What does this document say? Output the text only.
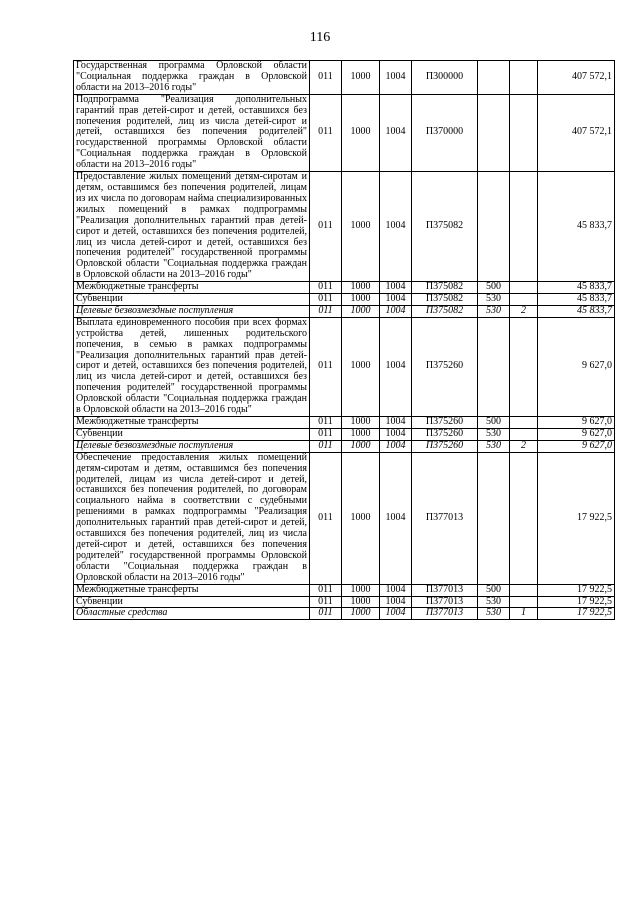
116
Государственная программа Орловской области "Социальная поддержка граждан в Орловской области на 2013–2016 годы"	011	1000	1004	П300000			407 572,1
Подпрограмма "Реализация дополнительных гарантий прав детей-сирот и детей, оставшихся без попечения родителей, лиц из числа детей-сирот и детей, оставшихся без попечения родителей" государственной программы Орловской области "Социальная поддержка граждан в Орловской области на 2013–2016 годы"	011	1000	1004	П370000			407 572,1
Предоставление жилых помещений детям-сиротам и детям, оставшимся без попечения родителей, лицам из их числа по договорам найма специализированных жилых помещений в рамках подпрограммы "Реализация дополнительных гарантий прав детей-сирот и детей, оставшихся без попечения родителей, лиц из числа детей-сирот и детей, оставшихся без попечения родителей" государственной программы Орловской области "Социальная поддержка граждан в Орловской области на 2013–2016 годы"	011	1000	1004	П375082			45 833,7
Межбюджетные трансферты	011	1000	1004	П375082	500		45 833,7
Субвенции	011	1000	1004	П375082	530		45 833,7
Целевые безвозмездные поступления	011	1000	1004	П375082	530	2	45 833,7
Выплата единовременного пособия при всех формах устройства детей, лишенных родительского попечения, в семью в рамках подпрограммы "Реализация дополнительных гарантий прав детей-сирот и детей, оставшихся без попечения родителей, лиц из числа детей-сирот и детей, оставшихся без попечения родителей" государственной программы Орловской области "Социальная поддержка граждан в Орловской области на 2013–2016 годы"	011	1000	1004	П375260			9 627,0
Межбюджетные трансферты	011	1000	1004	П375260	500		9 627,0
Субвенции	011	1000	1004	П375260	530		9 627,0
Целевые безвозмездные поступления	011	1000	1004	П375260	530	2	9 627,0
Обеспечение предоставления жилых помещений детям-сиротам и детям, оставшимся без попечения родителей, лицам из числа детей-сирот и детей, оставшихся без попечения родителей, по договорам социального найма в соответствии с судебными решениями в рамках подпрограммы "Реализация дополнительных гарантий прав детей-сирот и детей, оставшихся без попечения родителей, лиц из числа детей-сирот и детей, оставшихся без попечения родителей" государственной программы Орловской области "Социальная поддержка граждан в Орловской области на 2013–2016 годы"	011	1000	1004	П377013			17 922,5
Межбюджетные трансферты	011	1000	1004	П377013	500		17 922,5
Субвенции	011	1000	1004	П377013	530		17 922,5
Областные средства	011	1000	1004	П377013	530	1	17 922,5
